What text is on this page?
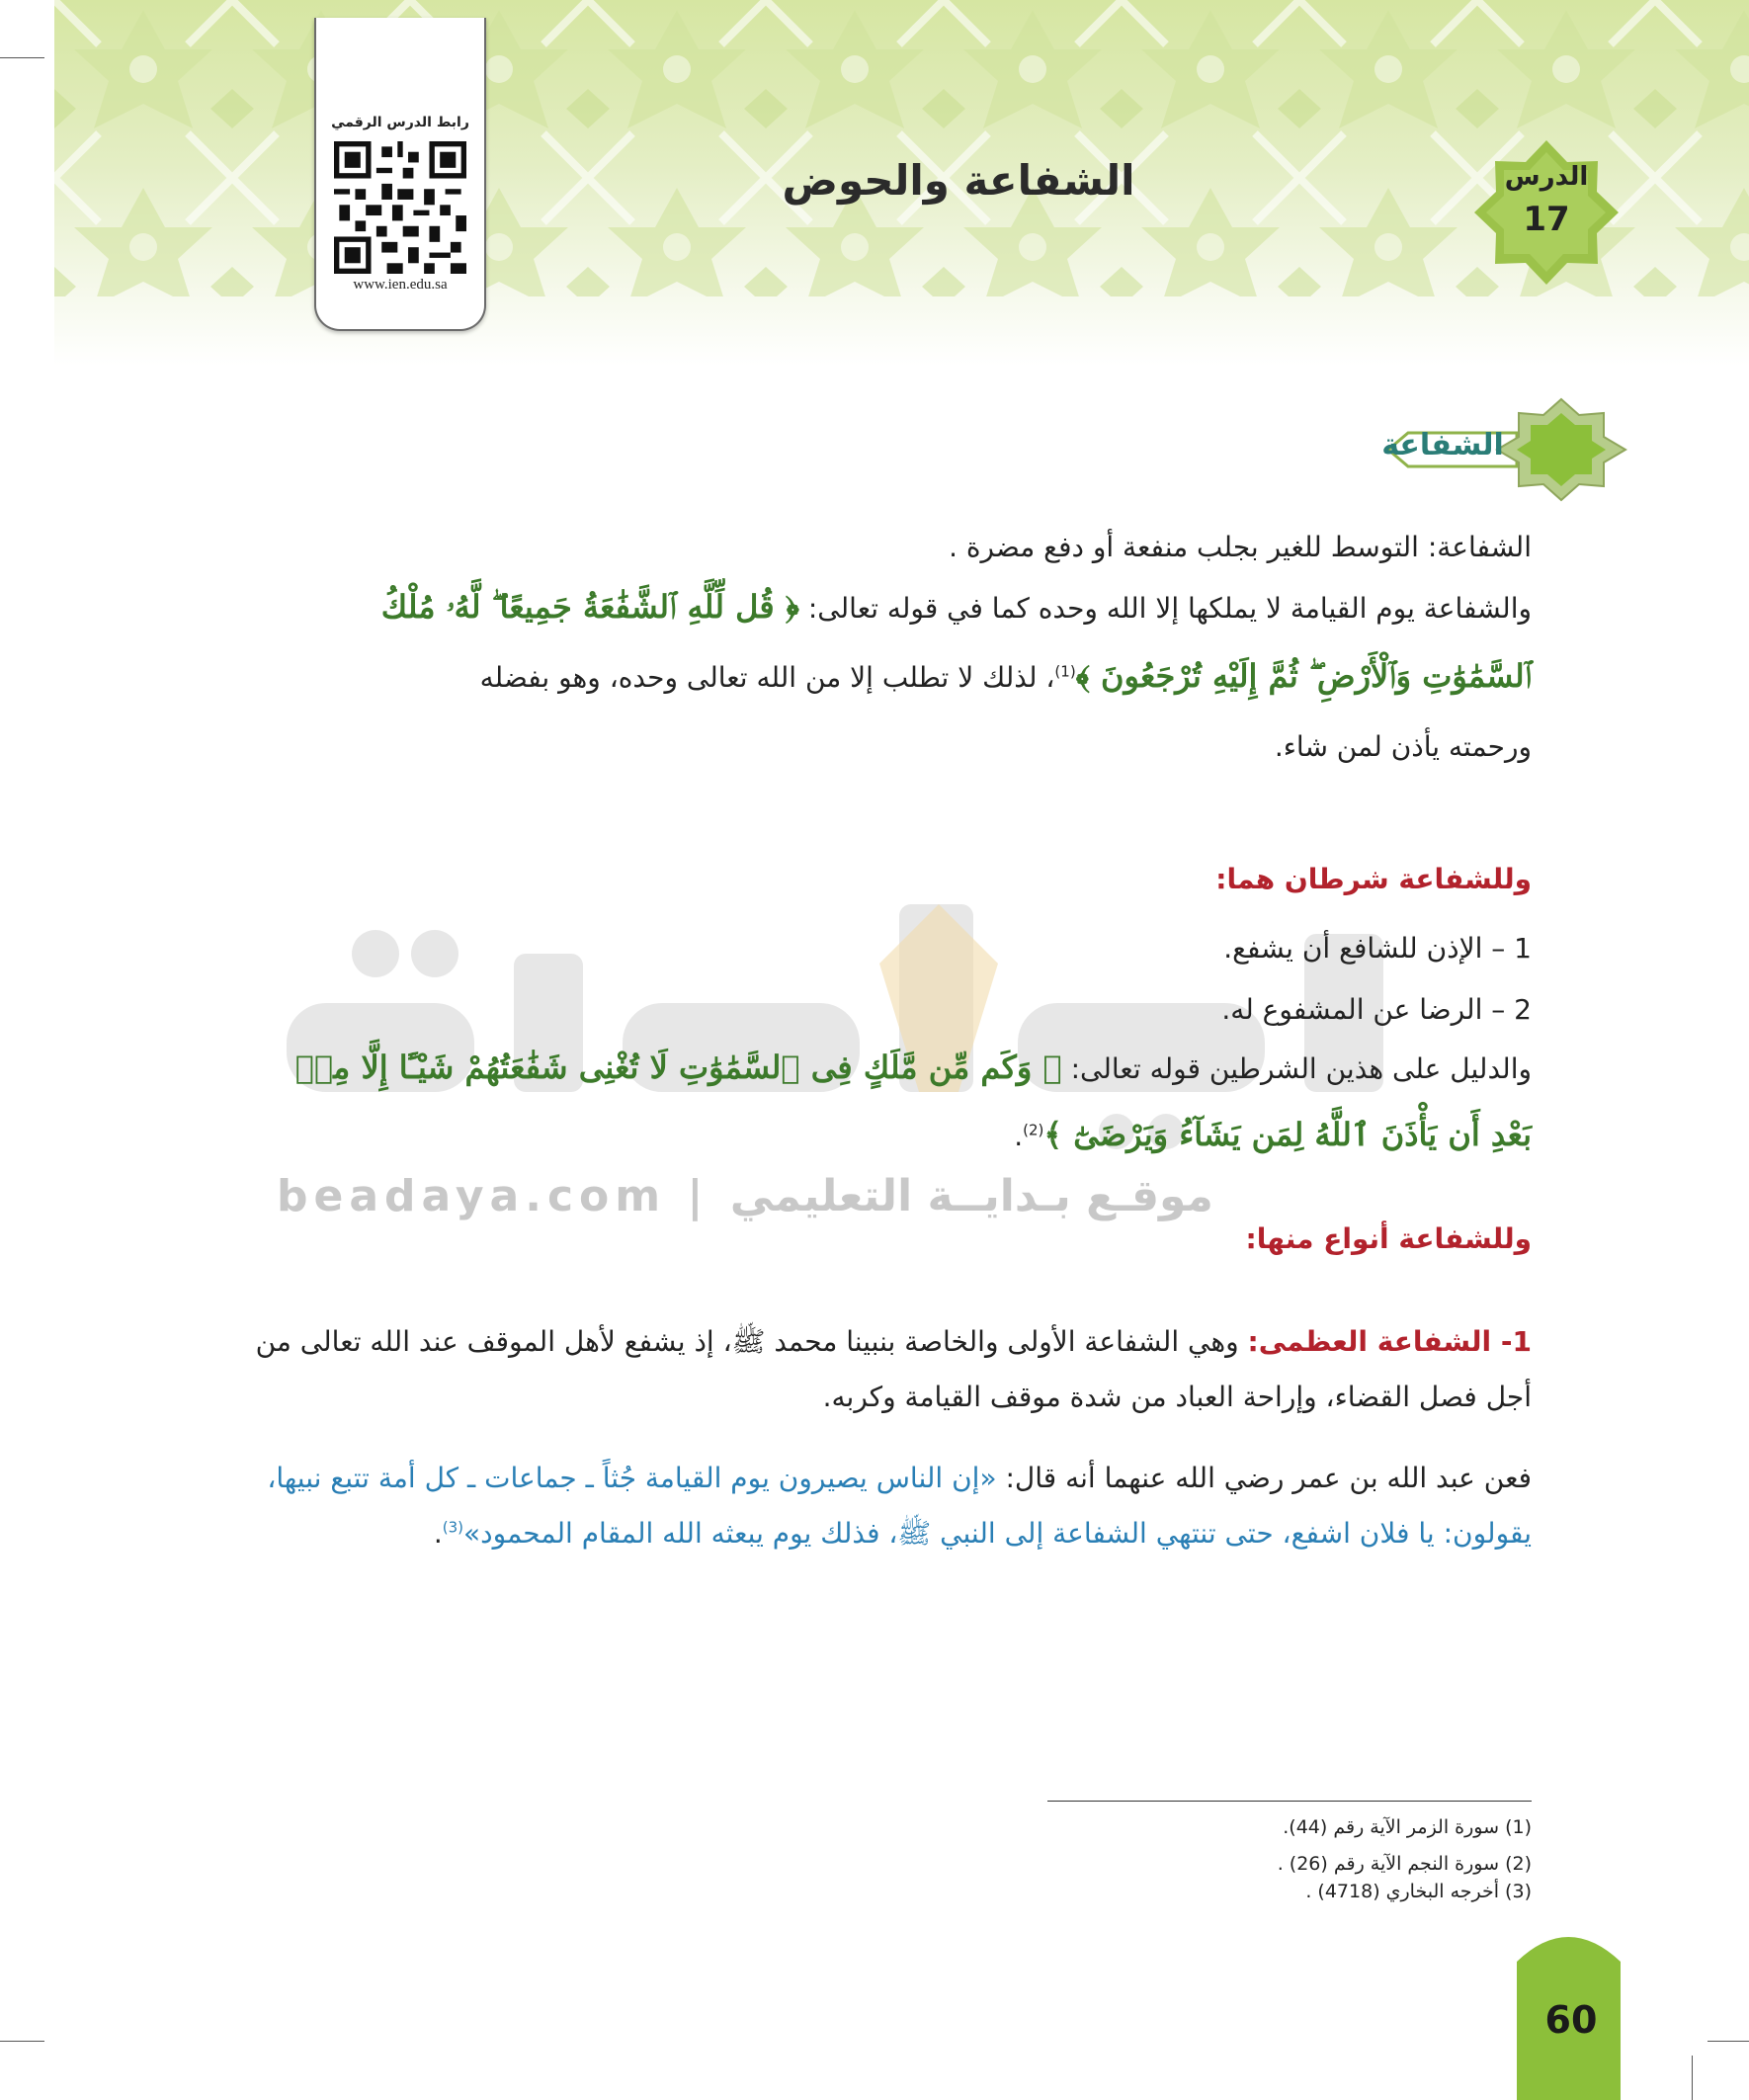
رابط الدرس الرقمي
www.ien.edu.sa
الشفاعة والحوض	الدرس
17
الشفاعة
beadaya.com | موقـع بـدايــة التعليمي
الشفاعة: التوسط للغير بجلب منفعة أو دفع مضرة .
والشفاعة يوم القيامة لا يملكها إلا الله وحده كما في قوله تعالى: ﴿ قُل لِّلَّهِ ٱلشَّفَٰعَةُ جَمِيعًا ۖ لَّهُۥ مُلْكُ
ٱلسَّمَٰوَٰتِ وَٱلْأَرْضِ ۖ ثُمَّ إِلَيْهِ تُرْجَعُونَ ﴾$^{(1)}$، لذلك لا تطلب إلا من الله تعالى وحده، وهو بفضله
ورحمته يأذن لمن شاء.
وللشفاعة شرطان هما:
1 – الإذن للشافع أن يشفع.
2 – الرضا عن المشفوع له.
والدليل على هذين الشرطين قوله تعالى: ﴿ وَكَم مِّن مَّلَكٍ فِى ٱلسَّمَٰوَٰتِ لَا تُغْنِى شَفَٰعَتُهُمْ شَيْـًٔا إِلَّا مِنۢ
بَعْدِ أَن يَأْذَنَ ٱللَّهُ لِمَن يَشَآءُ وَيَرْضَىٰٓ ﴾$^{(2)}$.
وللشفاعة أنواع منها:
1- الشفاعة العظمى: وهي الشفاعة الأولى والخاصة بنبينا محمد ﷺ، إذ يشفع لأهل الموقف عند الله تعالى من
أجل فصل القضاء، وإراحة العباد من شدة موقف القيامة وكربه.
فعن عبد الله بن عمر رضي الله عنهما أنه قال: «إن الناس يصيرون يوم القيامة جُثاً ـ جماعات ـ كل أمة تتبع نبيها،
يقولون: يا فلان اشفع، حتى تنتهي الشفاعة إلى النبي ﷺ، فذلك يوم يبعثه الله المقام المحمود»$^{(3)}$.
(1) سورة الزمر الآية رقم (44).
(2) سورة النجم الآية رقم (26) .
(3) أخرجه البخاري (4718) .
60
